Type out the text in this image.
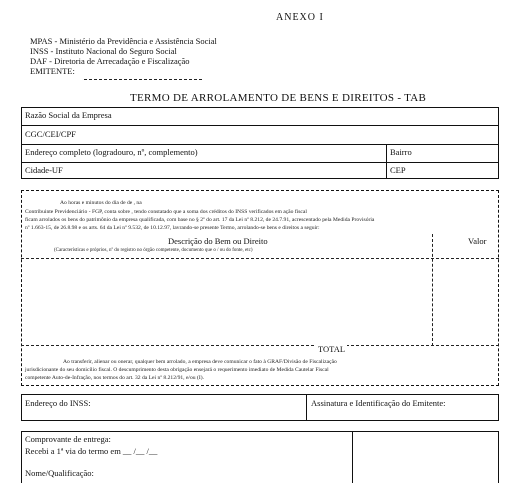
ANEXO I
MPAS - Ministério da Previdência e Assistência Social
INSS - Instituto Nacional do Seguro Social
DAF - Diretoria de Arrecadação e Fiscalização
EMITENTE:
TERMO DE ARROLAMENTO DE BENS E DIREITOS - TAB
Razão Social da Empresa
CGC/CEI/CPF
Endereço completo (logradouro, nº, complemento)	Bairro
Cidade-UF	CEP
Ao horas e minutos do dia de de , na
Contribuinte Previdenciário - FGP, conta sobre , tendo constatado que a soma dos créditos do INSS verificados em ação fiscal
ficam arrolados os bens do patrimônio da empresa qualificada, com base no § 2º do art. 17 da Lei nº 8.212, de 24.7.91, acrescentado pela Medida Provisória
nº 1.663-15, de 26.8.98 e os arts. 64 da Lei nº 9.532, de 10.12.97, lavrando-se presente Termo, arrolando-se bens e direitos a seguir:
Descrição do Bem ou Direito
(Características e próprios, nº do registro no órgão competente, documento que o / ou do fonte, etc)
Valor
TOTAL
Ao transferir, alienar ou onerar, qualquer bem arrolado, a empresa deve comunicar o fato à GRAF/Divisão de Fiscalização
jurisdicionante do seu domicílio fiscal. O descumprimento desta obrigação ensejará o requerimento imediato de Medida Cautelar Fiscal
competente Auto-de-Infração, nos termos do art. 32 da Lei nº 8.212/91, e/ou (I).
Endereço do INSS:	Assinatura e Identificação do Emitente:
Comprovante de entrega:
Recebi a 1ª via do termo em __ /__ /__
Nome/Qualificação:
